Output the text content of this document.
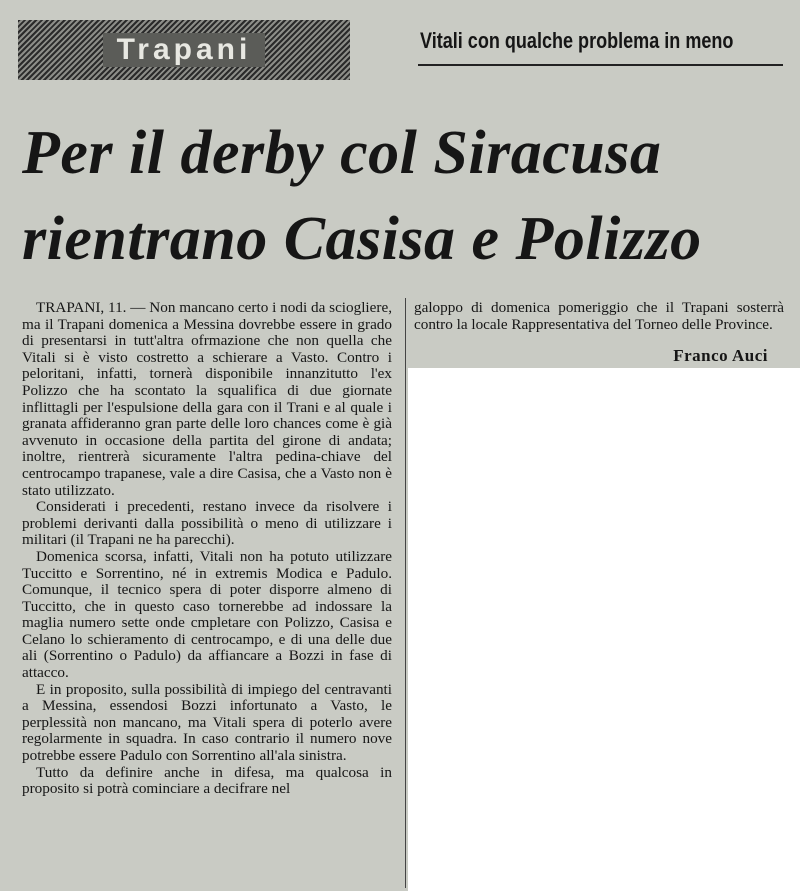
Trapani	Vitali con qualche problema in meno
Per il derby col Siracusa
rientrano Casisa e Polizzo

TRAPANI, 11. — Non mancano certo i nodi da sciogliere, ma il Trapani domenica a Messina dovrebbe essere in grado di presentarsi in tutt'altra ofrmazione che non quella che Vitali si è visto costretto a schierare a Vasto. Contro i peloritani, infatti, tornerà disponibile innanzitutto l'ex Polizzo che ha scontato la squalifica di due giornate inflittagli per l'espulsione della gara con il Trani e al quale i granata affideranno gran parte delle loro chances come è già avvenuto in occasione della partita del girone di andata; inoltre, rientrerà sicuramente l'altra pedina-chiave del centrocampo trapanese, vale a dire Casisa, che a Vasto non è stato utilizzato.

Considerati i precedenti, restano invece da risolvere i problemi derivanti dalla possibilità o meno di utilizzare i militari (il Trapani ne ha parecchi).

Domenica scorsa, infatti, Vitali non ha potuto utilizzare Tuccitto e Sorrentino, né in extremis Modica e Padulo. Comunque, il tecnico spera di poter disporre almeno di Tuccitto, che in questo caso tornerebbe ad indossare la maglia numero sette onde cmpletare con Polizzo, Casisa e Celano lo schieramento di centrocampo, e di una delle due ali (Sorrentino o Padulo) da affiancare a Bozzi in fase di attacco.

E in proposito, sulla possibilità di impiego del centravanti a Messina, essendosi Bozzi infortunato a Vasto, le perplessità non mancano, ma Vitali spera di poterlo avere regolarmente in squadra. In caso contrario il numero nove potrebbe essere Padulo con Sorrentino all'ala sinistra.

Tutto da definire anche in difesa, ma qualcosa in proposito si potrà cominciare a decifrare nel

galoppo di domenica pomeriggio che il Trapani sosterrà contro la locale Rappresentativa del Torneo delle Province.

Franco Auci
